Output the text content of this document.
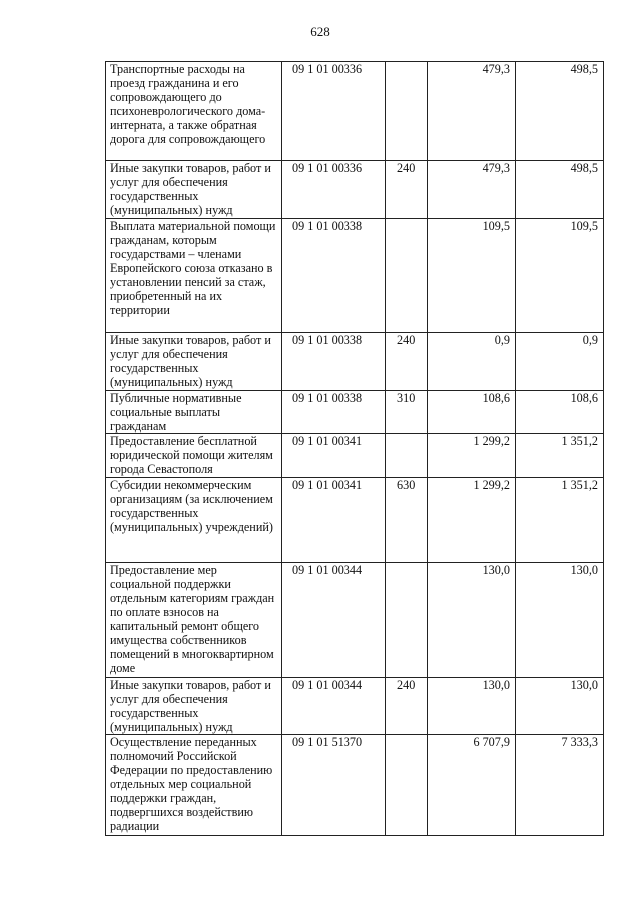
628
Транспортные расходы на проезд гражданина и его сопровождающего до психоневрологического дома-интерната, а также обратная дорога для сопровождающего	09 1 01 00336		479,3	498,5
Иные закупки товаров, работ и услуг для обеспечения государственных (муниципальных) нужд	09 1 01 00336	240	479,3	498,5
Выплата материальной помощи гражданам, которым государствами – членами Европейского союза отказано в установлении пенсий за стаж, приобретенный на их территории	09 1 01 00338		109,5	109,5
Иные закупки товаров, работ и услуг для обеспечения государственных (муниципальных) нужд	09 1 01 00338	240	0,9	0,9
Публичные нормативные социальные выплаты гражданам	09 1 01 00338	310	108,6	108,6
Предоставление бесплатной юридической помощи жителям города Севастополя	09 1 01 00341		1 299,2	1 351,2
Субсидии некоммерческим организациям (за исключением государственных (муниципальных) учреждений)	09 1 01 00341	630	1 299,2	1 351,2
Предоставление мер социальной поддержки отдельным категориям граждан по оплате взносов на капитальный ремонт общего имущества собственников помещений в многоквартирном доме	09 1 01 00344		130,0	130,0
Иные закупки товаров, работ и услуг для обеспечения государственных (муниципальных) нужд	09 1 01 00344	240	130,0	130,0
Осуществление переданных полномочий Российской Федерации по предоставлению отдельных мер социальной поддержки граждан, подвергшихся воздействию радиации	09 1 01 51370		6 707,9	7 333,3
